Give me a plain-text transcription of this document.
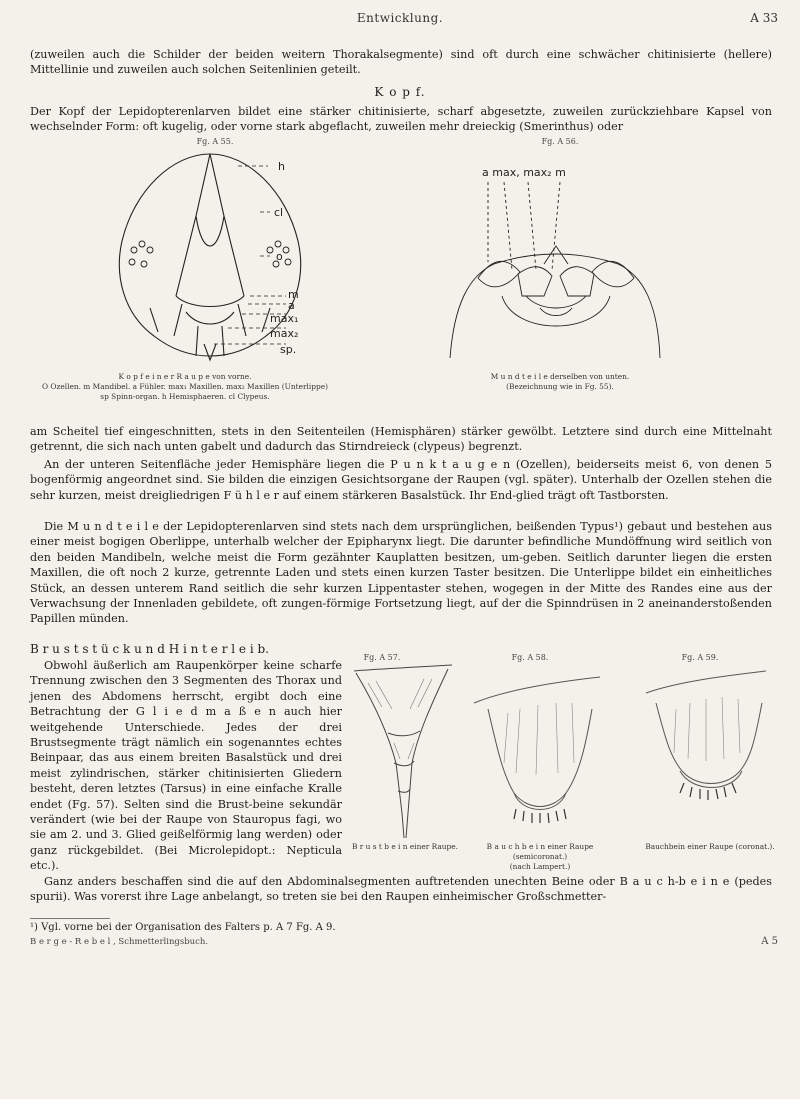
Entwicklung.	A 33
(zuweilen auch die Schilder der beiden weitern Thorakalsegmente) sind oft durch eine schwächer chitinisierte (hellere) Mittellinie und zuweilen auch solchen Seitenlinien geteilt.
K o p f.
Der Kopf der Lepidopterenlarven bildet eine stärker chitinisierte, scharf abgesetzte, zuweilen zurückziehbare Kapsel von wechselnder Form: oft kugelig, oder vorne stark abgeflacht, zuweilen mehr dreieckig (Smerinthus) oder
Fg. A 55.
h
cl
o
m
a
max₁
max₂
sp.
K o p f e i n e r R a u p e von vorne.
O Ozellen. m Mandibel. a Fühler. max₁ Maxillen. max₂ Maxillen (Unterlippe) sp Spinn-organ. h Hemisphaeren. cl Clypeus.
Fg. A 56.
a max, max₂ m
M u n d t e i l e derselben von unten.
(Bezeichnung wie in Fg. 55).
am Scheitel tief eingeschnitten, stets in den Seitenteilen (Hemisphären) stärker gewölbt. Letztere sind durch eine Mittelnaht getrennt, die sich nach unten gabelt und dadurch das Stirndreieck (clypeus) begrenzt.
An der unteren Seitenfläche jeder Hemisphäre liegen die P u n k t a u g e n (Ozellen), beiderseits meist 6, von denen 5 bogenförmig angeordnet sind. Sie bilden die einzigen Gesichtsorgane der Raupen (vgl. später). Unterhalb der Ozellen stehen die sehr kurzen, meist dreigliedrigen F ü h l e r auf einem stärkeren Basalstück. Ihr End-glied trägt oft Tastborsten.
Die M u n d t e i l e der Lepidopterenlarven sind stets nach dem ursprünglichen, beißenden Typus¹) gebaut und bestehen aus einer meist bogigen Oberlippe, unterhalb welcher der Epipharynx liegt. Die darunter befindliche Mundöffnung wird seitlich von den beiden Mandibeln, welche meist die Form gezähnter Kauplatten besitzen, um-geben. Seitlich darunter liegen die ersten Maxillen, die oft noch 2 kurze, getrennte Laden und stets einen kurzen Taster besitzen. Die Unterlippe bildet ein einheitliches Stück, an dessen unterem Rand seitlich die sehr kurzen Lippentaster stehen, wogegen in der Mitte des Randes eine aus der Verwachsung der Innenladen gebildete, oft zungen-förmige Fortsetzung liegt, auf der die Spinndrüsen in 2 aneinanderstoßenden Papillen münden.
B r u s t s t ü c k u n d H i n t e r l e i b.
Obwohl äußerlich am Raupenkörper keine scharfe Trennung zwischen den 3 Segmenten des Thorax und jenen des Abdomens herrscht, ergibt doch eine Betrachtung der G l i e d m a ß e n auch hier weitgehende Unterschiede. Jedes der drei Brustsegmente trägt nämlich ein sogenanntes echtes Beinpaar, das aus einem breiten Basalstück und drei meist zylindrischen, stärker chitinisierten Gliedern besteht, deren letztes (Tarsus) in eine einfache Kralle endet (Fg. 57). Selten sind die Brust-beine sekundär verändert (wie bei der Raupe von Stauropus fagi, wo sie am 2. und 3. Glied geißelförmig lang werden) oder ganz rückgebildet. (Bei Microlepidopt.: Nepticula etc.).
Fg. A 57.
B r u s t b e i n einer Raupe.
Fg. A 58.
B a u c h b e i n einer Raupe (semicoronat.)
(nach Lampert.)
Fg. A 59.
Bauchbein einer Raupe (coronat.).
Ganz anders beschaffen sind die auf den Abdominalsegmenten auftretenden unechten Beine oder B a u c h-b e i n e (pedes spurii). Was vorerst ihre Lage anbelangt, so treten sie bei den Raupen einheimischer Großschmetter-
¹) Vgl. vorne bei der Organisation des Falters p. A 7 Fg. A 9.
B e r g e - R e b e l , Schmetterlingsbuch.	A 5
